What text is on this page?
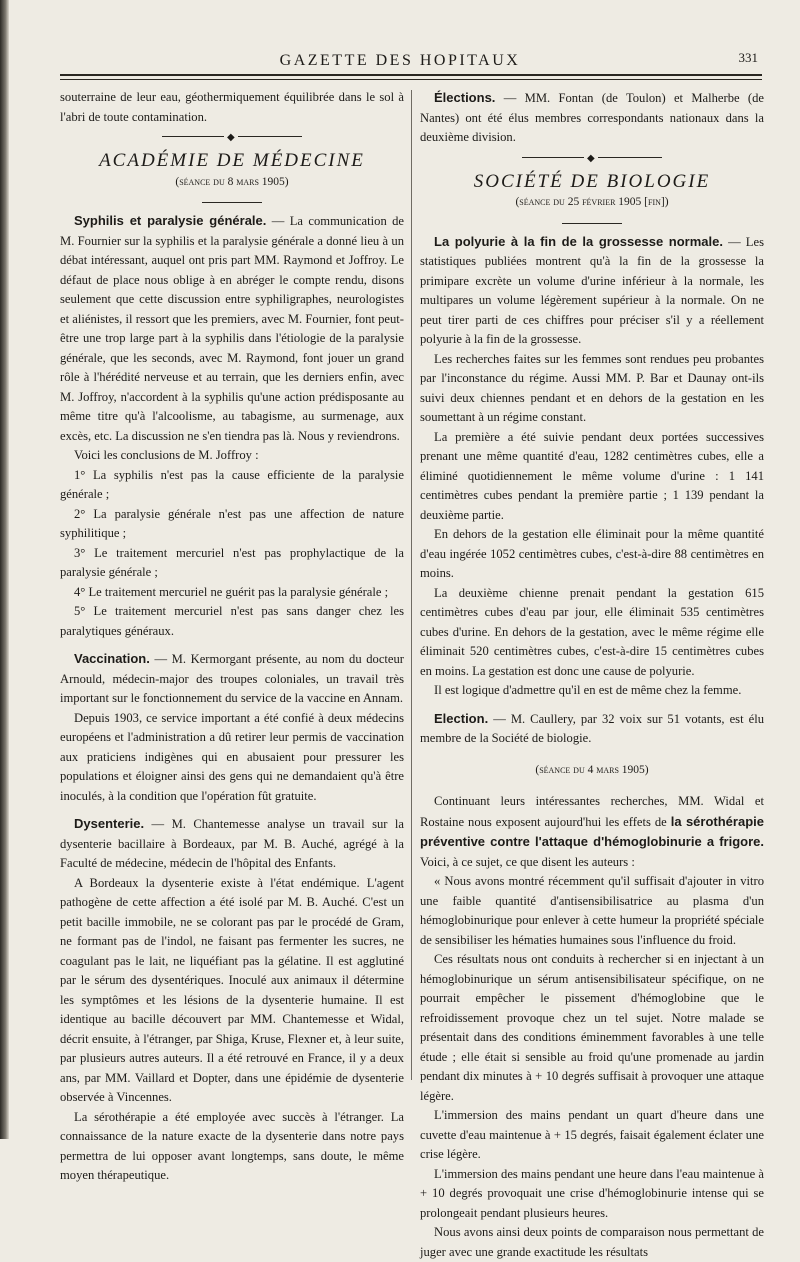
GAZETTE DES HOPITAUX	331

souterraine de leur eau, géothermiquement équilibrée dans le sol à l'abri de toute contamination.

◆

ACADÉMIE DE MÉDECINE

(séance du 8 mars 1905)

Syphilis et paralysie générale. — La communication de M. Fournier sur la syphilis et la paralysie générale a donné lieu à un débat intéressant, auquel ont pris part MM. Raymond et Joffroy. Le défaut de place nous oblige à en abréger le compte rendu, disons seulement que cette discussion entre syphiligraphes, neurologistes et aliénistes, il ressort que les premiers, avec M. Fournier, font peut-être une trop large part à la syphilis dans l'étiologie de la paralysie générale, que les seconds, avec M. Raymond, font jouer un grand rôle à l'hérédité nerveuse et au terrain, que les derniers enfin, avec M. Joffroy, n'accordent à la syphilis qu'une action prédisposante au même titre qu'à l'alcoolisme, au tabagisme, au surmenage, aux excès, etc. La discussion ne s'en tiendra pas là. Nous y reviendrons.

Voici les conclusions de M. Joffroy :

1° La syphilis n'est pas la cause efficiente de la paralysie générale ;

2° La paralysie générale n'est pas une affection de nature syphilitique ;

3° Le traitement mercuriel n'est pas prophylactique de la paralysie générale ;

4° Le traitement mercuriel ne guérit pas la paralysie générale ;

5° Le traitement mercuriel n'est pas sans danger chez les paralytiques généraux.

Vaccination. — M. Kermorgant présente, au nom du docteur Arnould, médecin-major des troupes coloniales, un travail très important sur le fonctionnement du service de la vaccine en Annam.

Depuis 1903, ce service important a été confié à deux médecins européens et l'administration a dû retirer leur permis de vaccination aux praticiens indigènes qui en abusaient pour pressurer les populations et éloigner ainsi des gens qui ne demandaient qu'à être inoculés, à la condition que l'opération fût gratuite.

Dysenterie. — M. Chantemesse analyse un travail sur la dysenterie bacillaire à Bordeaux, par M. B. Auché, agrégé à la Faculté de médecine, médecin de l'hôpital des Enfants.

A Bordeaux la dysenterie existe à l'état endémique. L'agent pathogène de cette affection a été isolé par M. B. Auché. C'est un petit bacille immobile, ne se colorant pas par le procédé de Gram, ne formant pas de l'indol, ne faisant pas fermenter les sucres, ne coagulant pas le lait, ne liquéfiant pas la gélatine. Il est agglutiné par le sérum des dysentériques. Inoculé aux animaux il détermine les symptômes et les lésions de la dysenterie humaine. Il est identique au bacille découvert par MM. Chantemesse et Widal, décrit ensuite, à l'étranger, par Shiga, Kruse, Flexner et, à leur suite, par plusieurs autres auteurs. Il a été retrouvé en France, il y a deux ans, par MM. Vaillard et Dopter, dans une épidémie de dysenterie observée à Vincennes.

La sérothérapie a été employée avec succès à l'étranger. La connaissance de la nature exacte de la dysenterie dans notre pays permettra de lui opposer avant longtemps, sans doute, le même moyen thérapeutique.

Élections. — MM. Fontan (de Toulon) et Malherbe (de Nantes) ont été élus membres correspondants nationaux dans la deuxième division.

◆

SOCIÉTÉ DE BIOLOGIE

(séance du 25 février 1905 [fin])

La polyurie à la fin de la grossesse normale. — Les statistiques publiées montrent qu'à la fin de la grossesse la primipare excrète un volume d'urine inférieur à la normale, les multipares un volume légèrement supérieur à la normale. On ne peut tirer parti de ces chiffres pour préciser s'il y a réellement polyurie à la fin de la grossesse.

Les recherches faites sur les femmes sont rendues peu probantes par l'inconstance du régime. Aussi MM. P. Bar et Daunay ont-ils suivi deux chiennes pendant et en dehors de la gestation en les soumettant à un régime constant.

La première a été suivie pendant deux portées successives prenant une même quantité d'eau, 1282 centimètres cubes, elle a éliminé quotidiennement le même volume d'urine : 1 141 centimètres cubes pendant la première partie ; 1 139 pendant la deuxième partie.

En dehors de la gestation elle éliminait pour la même quantité d'eau ingérée 1052 centimètres cubes, c'est-à-dire 88 centimètres en moins.

La deuxième chienne prenait pendant la gestation 615 centimètres cubes d'eau par jour, elle éliminait 535 centimètres cubes d'urine. En dehors de la gestation, avec le même régime elle éliminait 520 centimètres cubes, c'est-à-dire 15 centimètres cubes en moins. La gestation est donc une cause de polyurie.

Il est logique d'admettre qu'il en est de même chez la femme.

Election. — M. Caullery, par 32 voix sur 51 votants, est élu membre de la Société de biologie.

(séance du 4 mars 1905)

Continuant leurs intéressantes recherches, MM. Widal et Rostaine nous exposent aujourd'hui les effets de la sérothérapie préventive contre l'attaque d'hémoglobinurie a frigore. Voici, à ce sujet, ce que disent les auteurs :

« Nous avons montré récemment qu'il suffisait d'ajouter in vitro une faible quantité d'antisensibilisatrice au plasma d'un hémoglobinurique pour enlever à cette humeur la propriété spéciale de sensibiliser les hématies humaines sous l'influence du froid.

Ces résultats nous ont conduits à rechercher si en injectant à un hémoglobinurique un sérum antisensibilisateur spécifique, on ne pourrait empêcher le pissement d'hémoglobine que le refroidissement provoque chez un tel sujet. Notre malade se présentait dans des conditions éminemment favorables à une telle étude ; elle était si sensible au froid qu'une promenade au jardin pendant dix minutes à + 10 degrés suffisait à provoquer une attaque légère.

L'immersion des mains pendant un quart d'heure dans une cuvette d'eau maintenue à + 15 degrés, faisait également éclater une crise légère.

L'immersion des mains pendant une heure dans l'eau maintenue à + 10 degrés provoquait une crise d'hémoglobinurie intense qui se prolongeait pendant plusieurs heures.

Nous avons ainsi deux points de comparaison nous permettant de juger avec une grande exactitude les résultats
